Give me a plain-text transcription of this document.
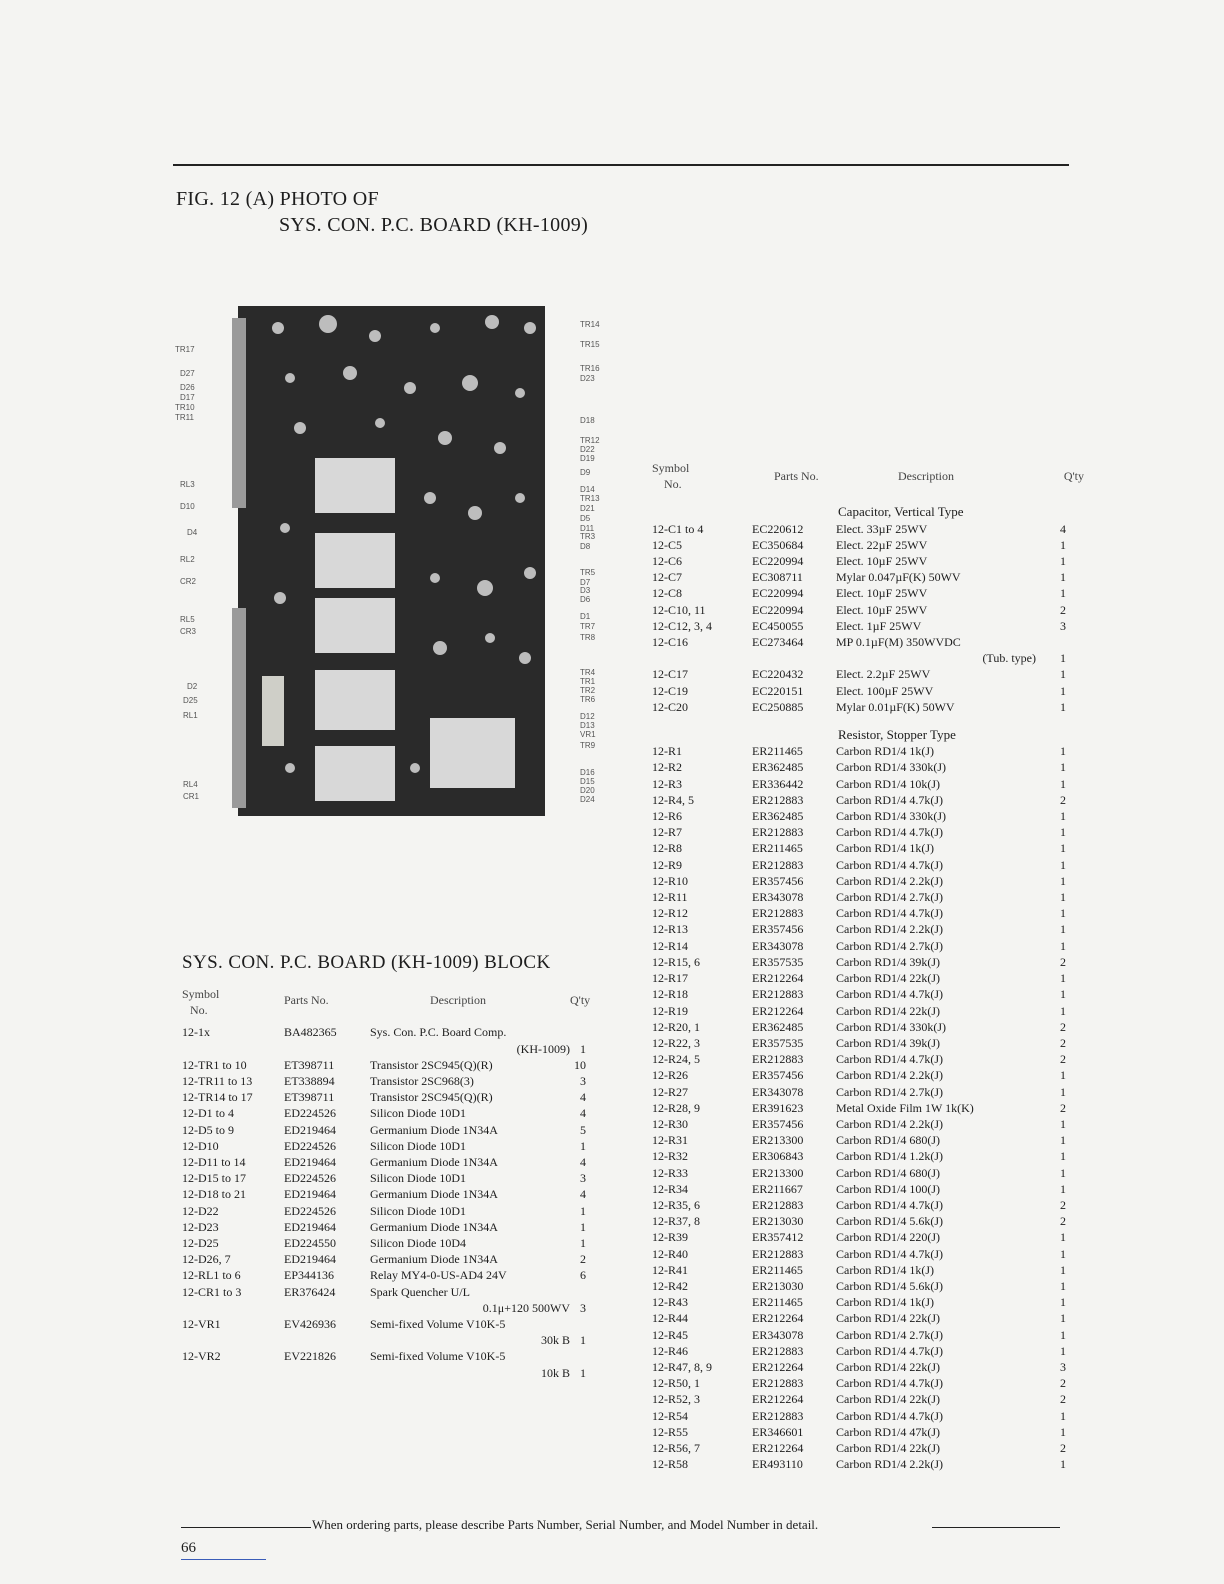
FIG. 12 (A) PHOTO OF
SYS. CON. P.C. BOARD (KH-1009)
TR17
D27
D26
D17
TR10
TR11
RL3
D10
D4
RL2
CR2
RL5
CR3
D2
D25
RL1
RL4
CR1
TR14
TR15
TR16
D23
D18
TR12
D22
D19
D9
D14
TR13
D21
D5
D11
TR3
D8
TR5
D7
D3
D6
D1
TR7
TR8
TR4
TR1
TR2
TR6
D12
D13
VR1
TR9
D16
D15
D20
D24
SYS. CON. P.C. BOARD (KH-1009) BLOCK
Symbol
No.
Parts No.	Description	Q'ty
12-1x	BA482365	Sys. Con. P.C. Board Comp.
(KH-1009) 1
12-TR1 to 10	ET398711	Transistor 2SC945(Q)(R)	10
12-TR11 to 13	ET338894	Transistor 2SC968(3)	3
12-TR14 to 17	ET398711	Transistor 2SC945(Q)(R)	4
12-D1 to 4	ED224526	Silicon Diode 10D1	4
12-D5 to 9	ED219464	Germanium Diode 1N34A	5
12-D10	ED224526	Silicon Diode 10D1	1
12-D11 to 14	ED219464	Germanium Diode 1N34A	4
12-D15 to 17	ED224526	Silicon Diode 10D1	3
12-D18 to 21	ED219464	Germanium Diode 1N34A	4
12-D22	ED224526	Silicon Diode 10D1	1
12-D23	ED219464	Germanium Diode 1N34A	1
12-D25	ED224550	Silicon Diode 10D4	1
12-D26, 7	ED219464	Germanium Diode 1N34A	2
12-RL1 to 6	EP344136	Relay MY4-0-US-AD4 24V	6
12-CR1 to 3	ER376424	Spark Quencher U/L
0.1μ+120 500WV 3
12-VR1	EV426936	Semi-fixed Volume V10K-5
30k B 1
12-VR2	EV221826	Semi-fixed Volume V10K-5
10k B 1
Symbol
No.
Parts No.	Description	Q'ty
Capacitor, Vertical Type
12-C1 to 4	EC220612	Elect. 33µF 25WV	4
12-C5	EC350684	Elect. 22µF 25WV	1
12-C6	EC220994	Elect. 10µF 25WV	1
12-C7	EC308711	Mylar 0.047µF(K) 50WV	1
12-C8	EC220994	Elect. 10µF 25WV	1
12-C10, 11	EC220994	Elect. 10µF 25WV	2
12-C12, 3, 4	EC450055	Elect. 1µF 25WV	3
12-C16	EC273464	MP 0.1µF(M) 350WVDC
(Tub. type)	1
12-C17	EC220432	Elect. 2.2µF 25WV	1
12-C19	EC220151	Elect. 100µF 25WV	1
12-C20	EC250885	Mylar 0.01µF(K) 50WV	1
Resistor, Stopper Type
12-R1	ER211465	Carbon RD1/4 1k(J)	1
12-R2	ER362485	Carbon RD1/4 330k(J)	1
12-R3	ER336442	Carbon RD1/4 10k(J)	1
12-R4, 5	ER212883	Carbon RD1/4 4.7k(J)	2
12-R6	ER362485	Carbon RD1/4 330k(J)	1
12-R7	ER212883	Carbon RD1/4 4.7k(J)	1
12-R8	ER211465	Carbon RD1/4 1k(J)	1
12-R9	ER212883	Carbon RD1/4 4.7k(J)	1
12-R10	ER357456	Carbon RD1/4 2.2k(J)	1
12-R11	ER343078	Carbon RD1/4 2.7k(J)	1
12-R12	ER212883	Carbon RD1/4 4.7k(J)	1
12-R13	ER357456	Carbon RD1/4 2.2k(J)	1
12-R14	ER343078	Carbon RD1/4 2.7k(J)	1
12-R15, 6	ER357535	Carbon RD1/4 39k(J)	2
12-R17	ER212264	Carbon RD1/4 22k(J)	1
12-R18	ER212883	Carbon RD1/4 4.7k(J)	1
12-R19	ER212264	Carbon RD1/4 22k(J)	1
12-R20, 1	ER362485	Carbon RD1/4 330k(J)	2
12-R22, 3	ER357535	Carbon RD1/4 39k(J)	2
12-R24, 5	ER212883	Carbon RD1/4 4.7k(J)	2
12-R26	ER357456	Carbon RD1/4 2.2k(J)	1
12-R27	ER343078	Carbon RD1/4 2.7k(J)	1
12-R28, 9	ER391623	Metal Oxide Film 1W 1k(K)	2
12-R30	ER357456	Carbon RD1/4 2.2k(J)	1
12-R31	ER213300	Carbon RD1/4 680(J)	1
12-R32	ER306843	Carbon RD1/4 1.2k(J)	1
12-R33	ER213300	Carbon RD1/4 680(J)	1
12-R34	ER211667	Carbon RD1/4 100(J)	1
12-R35, 6	ER212883	Carbon RD1/4 4.7k(J)	2
12-R37, 8	ER213030	Carbon RD1/4 5.6k(J)	2
12-R39	ER357412	Carbon RD1/4 220(J)	1
12-R40	ER212883	Carbon RD1/4 4.7k(J)	1
12-R41	ER211465	Carbon RD1/4 1k(J)	1
12-R42	ER213030	Carbon RD1/4 5.6k(J)	1
12-R43	ER211465	Carbon RD1/4 1k(J)	1
12-R44	ER212264	Carbon RD1/4 22k(J)	1
12-R45	ER343078	Carbon RD1/4 2.7k(J)	1
12-R46	ER212883	Carbon RD1/4 4.7k(J)	1
12-R47, 8, 9	ER212264	Carbon RD1/4 22k(J)	3
12-R50, 1	ER212883	Carbon RD1/4 4.7k(J)	2
12-R52, 3	ER212264	Carbon RD1/4 22k(J)	2
12-R54	ER212883	Carbon RD1/4 4.7k(J)	1
12-R55	ER346601	Carbon RD1/4 47k(J)	1
12-R56, 7	ER212264	Carbon RD1/4 22k(J)	2
12-R58	ER493110	Carbon RD1/4 2.2k(J)	1
When ordering parts, please describe Parts Number, Serial Number, and Model Number in detail.
66
